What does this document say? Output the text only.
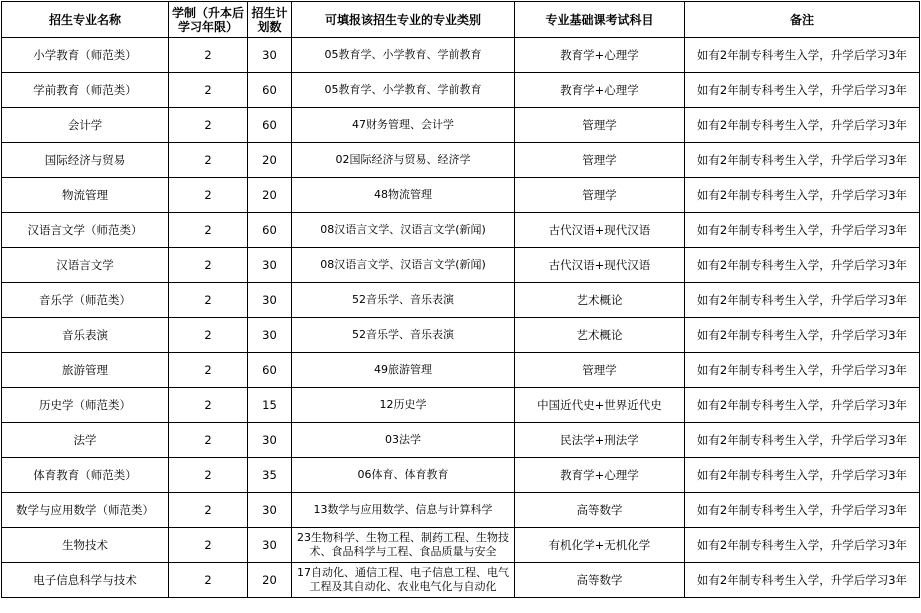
招生专业名称	学制（升本后学习年限）	招生计划数	可填报该招生专业的专业类别	专业基础课考试科目	备注
小学教育（师范类）	2	30	05教育学、小学教育、学前教育	教育学+心理学	如有2年制专科考生入学，升学后学习3年
学前教育（师范类）	2	60	05教育学、小学教育、学前教育	教育学+心理学	如有2年制专科考生入学，升学后学习3年
会计学	2	60	47财务管理、会计学	管理学	如有2年制专科考生入学，升学后学习3年
国际经济与贸易	2	20	02国际经济与贸易、经济学	管理学	如有2年制专科考生入学，升学后学习3年
物流管理	2	20	48物流管理	管理学	如有2年制专科考生入学，升学后学习3年
汉语言文学（师范类）	2	60	08汉语言文学、汉语言文学(新闻)	古代汉语+现代汉语	如有2年制专科考生入学，升学后学习3年
汉语言文学	2	30	08汉语言文学、汉语言文学(新闻)	古代汉语+现代汉语	如有2年制专科考生入学，升学后学习3年
音乐学（师范类）	2	30	52音乐学、音乐表演	艺术概论	如有2年制专科考生入学，升学后学习3年
音乐表演	2	30	52音乐学、音乐表演	艺术概论	如有2年制专科考生入学，升学后学习3年
旅游管理	2	60	49旅游管理	管理学	如有2年制专科考生入学，升学后学习3年
历史学（师范类）	2	15	12历史学	中国近代史+世界近代史	如有2年制专科考生入学，升学后学习3年
法学	2	30	03法学	民法学+刑法学	如有2年制专科考生入学，升学后学习3年
体育教育（师范类）	2	35	06体育、体育教育	教育学+心理学	如有2年制专科考生入学，升学后学习3年
数学与应用数学（师范类）	2	30	13数学与应用数学、信息与计算科学	高等数学	如有2年制专科考生入学，升学后学习3年
生物技术	2	30	23生物科学、生物工程、制药工程、生物技术、食品科学与工程、食品质量与安全	有机化学+无机化学	如有2年制专科考生入学，升学后学习3年
电子信息科学与技术	2	20	17自动化、通信工程、电子信息工程、电气工程及其自动化、农业电气化与自动化	高等数学	如有2年制专科考生入学，升学后学习3年
